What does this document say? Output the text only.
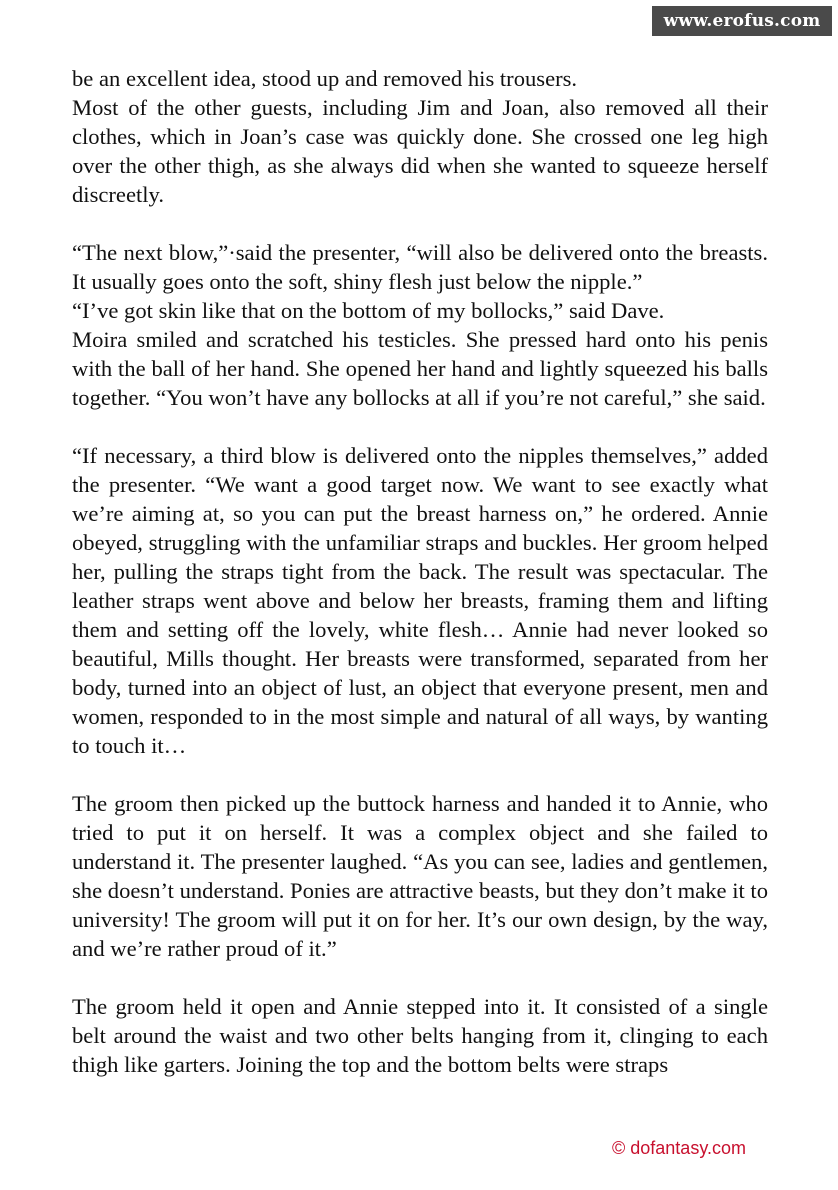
www.erofus.com

be an excellent idea, stood up and removed his trousers.
Most of the other guests, including Jim and Joan, also removed all their clothes, which in Joan’s case was quickly done. She crossed one leg high over the other thigh, as she always did when she wanted to squeeze herself discreetly.

“The next blow,”·said the presenter, “will also be delivered onto the breasts. It usually goes onto the soft, shiny flesh just below the nipple.”
“I’ve got skin like that on the bottom of my bollocks,” said Dave.
Moira smiled and scratched his testicles. She pressed hard onto his penis with the ball of her hand. She opened her hand and lightly squeezed his balls together. “You won’t have any bollocks at all if you’re not careful,” she said.

“If necessary, a third blow is delivered onto the nipples themselves,” added the presenter. “We want a good target now. We want to see exactly what we’re aiming at, so you can put the breast harness on,” he ordered. Annie obeyed, struggling with the unfamiliar straps and buckles. Her groom helped her, pulling the straps tight from the back. The result was spectacular. The leather straps went above and below her breasts, framing them and lifting them and setting off the lovely, white flesh… Annie had never looked so beautiful, Mills thought. Her breasts were transformed, separated from her body, turned into an object of lust, an object that everyone present, men and women, responded to in the most simple and natural of all ways, by wanting to touch it…

The groom then picked up the buttock harness and handed it to Annie, who tried to put it on herself. It was a complex object and she failed to understand it. The presenter laughed. “As you can see, ladies and gentlemen, she doesn’t understand. Ponies are attractive beasts, but they don’t make it to university! The groom will put it on for her. It’s our own design, by the way, and we’re rather proud of it.”

The groom held it open and Annie stepped into it. It consisted of a single belt around the waist and two other belts hanging from it, clinging to each thigh like garters. Joining the top and the bottom belts were straps

© dofantasy.com
